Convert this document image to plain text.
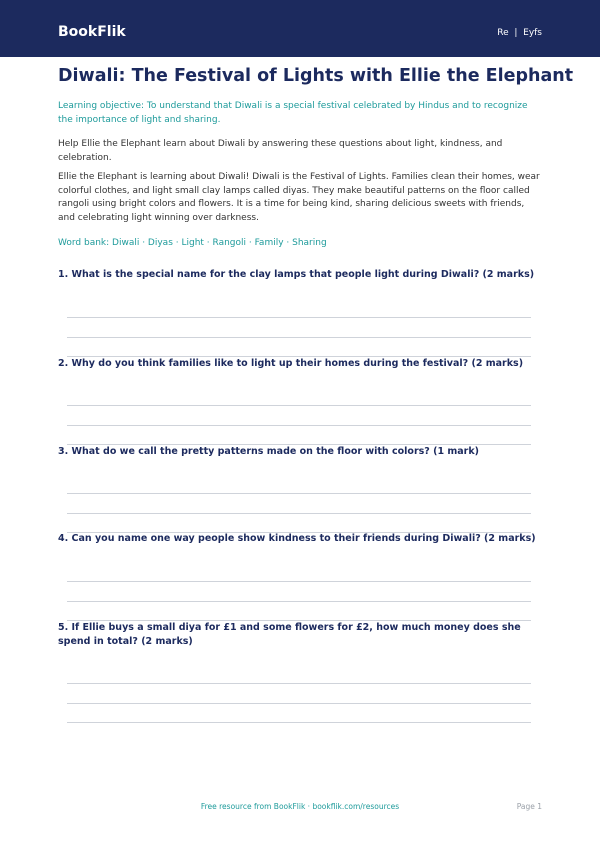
BookFlik	Re  |  Eyfs
Diwali: The Festival of Lights with Ellie the Elephant
Learning objective: To understand that Diwali is a special festival celebrated by Hindus and to recognize the importance of light and sharing.
Help Ellie the Elephant learn about Diwali by answering these questions about light, kindness, and celebration.
Ellie the Elephant is learning about Diwali! Diwali is the Festival of Lights. Families clean their homes, wear colorful clothes, and light small clay lamps called diyas. They make beautiful patterns on the floor called rangoli using bright colors and flowers. It is a time for being kind, sharing delicious sweets with friends, and celebrating light winning over darkness.
Word bank: Diwali · Diyas · Light · Rangoli · Family · Sharing
1. What is the special name for the clay lamps that people light during Diwali? (2 marks)
2. Why do you think families like to light up their homes during the festival? (2 marks)
3. What do we call the pretty patterns made on the floor with colors? (1 mark)
4. Can you name one way people show kindness to their friends during Diwali? (2 marks)
5. If Ellie buys a small diya for £1 and some flowers for £2, how much money does she spend in total? (2 marks)
Free resource from BookFlik · bookflik.com/resources	Page 1
